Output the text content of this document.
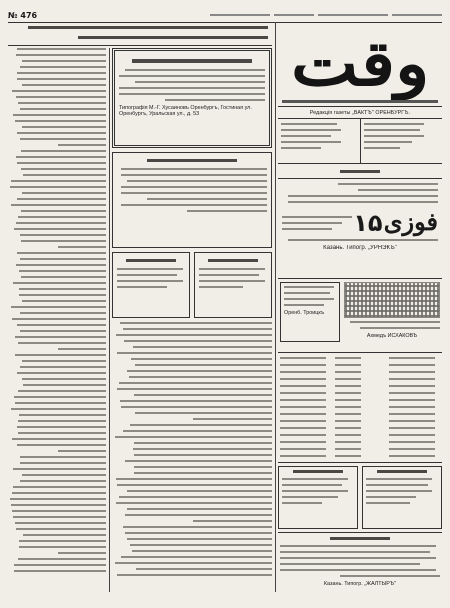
№ 476
Типографія М.-Г. Хусаиновъ Оренбургъ, Гостиная ул.
Оренбургъ, Уральская ул., д. 53
وقت
Редакція газеты „ВАКТЪ" ОРЕНБУРГЪ.
۱۵ فوزی
Казань. Типогр. „УРНЭКЪ"
Оренб. Троицкъ
Ахмедъ ИСХАКОВЪ
Казань. Типогр. „ЖАЛТЫРЪ"
